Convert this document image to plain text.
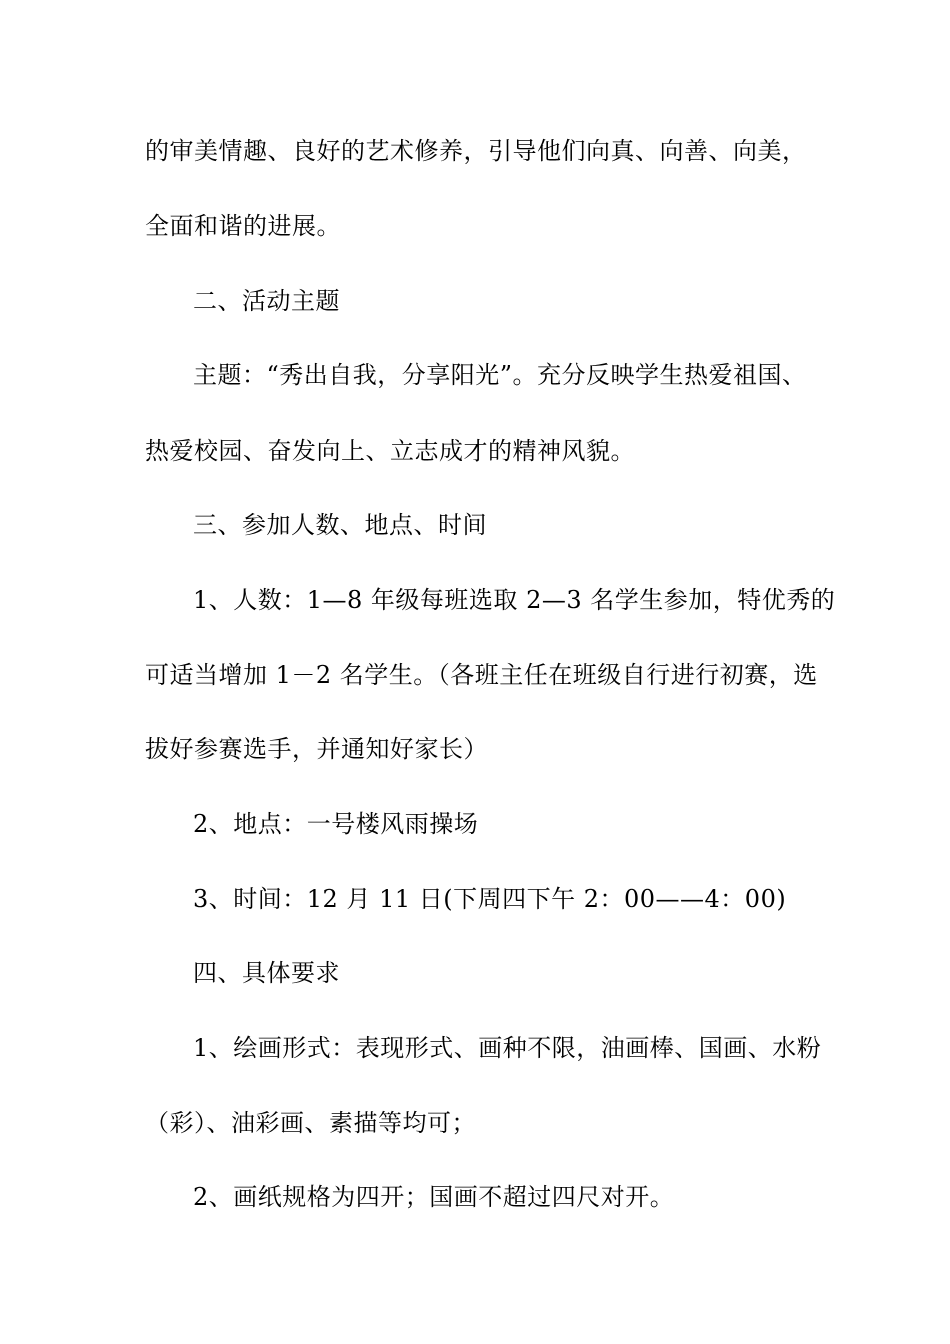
的审美情趣、良好的艺术修养，引导他们向真、向善、向美，
全面和谐的进展。
二、活动主题
主题：“秀出自我，分享阳光”。充分反映学生热爱祖国、
热爱校园、奋发向上、立志成才的精神风貌。
三、参加人数、地点、时间
1、人数：1—8 年级每班选取 2—3 名学生参加，特优秀的
可适当增加 1－2 名学生。（各班主任在班级自行进行初赛，选
拔好参赛选手，并通知好家长）
2、地点：一号楼风雨操场
3、时间：12 月 11 日(下周四下午 2：00——4：00)
四、具体要求
1、绘画形式：表现形式、画种不限，油画棒、国画、水粉
（彩）、油彩画、素描等均可；
2、画纸规格为四开；国画不超过四尺对开。
